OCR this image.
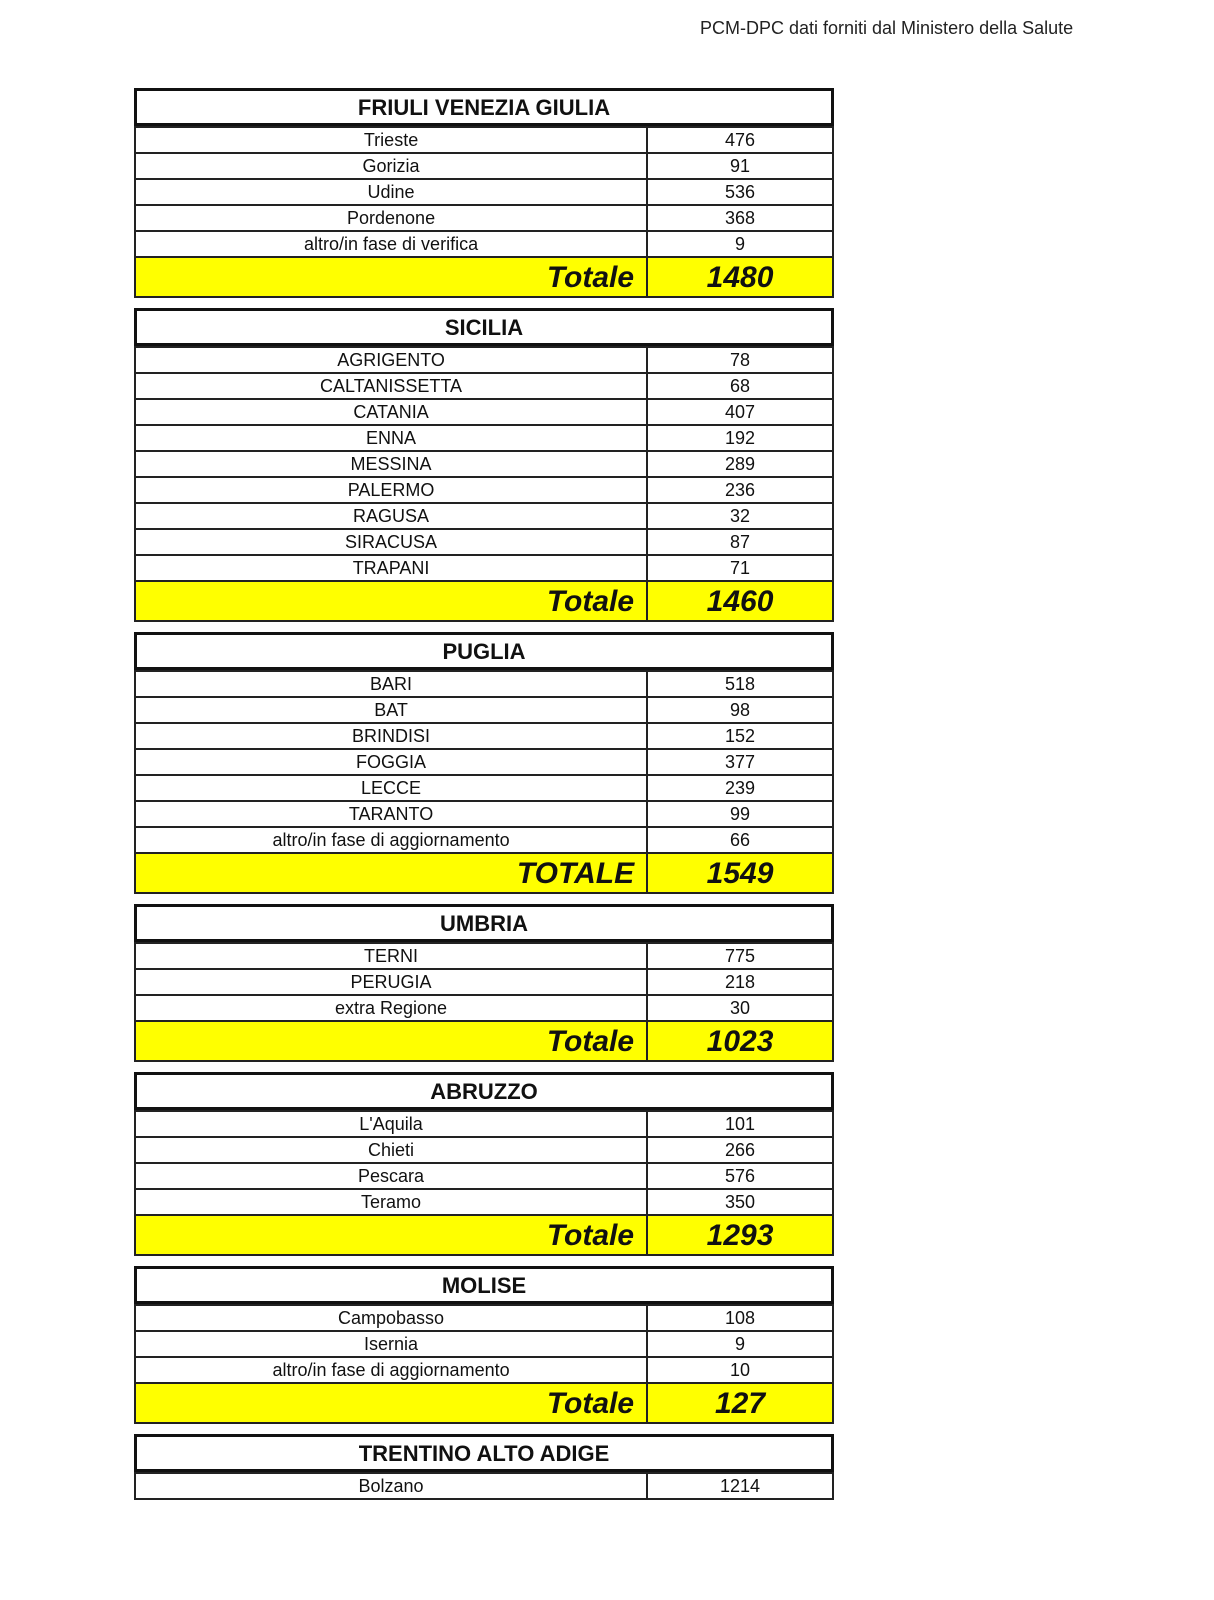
PCM-DPC dati forniti dal Ministero della Salute
FRIULI VENEZIA GIULIA
Trieste	476
Gorizia	91
Udine	536
Pordenone	368
altro/in fase di verifica	9
Totale	1480
SICILIA
AGRIGENTO	78
CALTANISSETTA	68
CATANIA	407
ENNA	192
MESSINA	289
PALERMO	236
RAGUSA	32
SIRACUSA	87
TRAPANI	71
Totale	1460
PUGLIA
BARI	518
BAT	98
BRINDISI	152
FOGGIA	377
LECCE	239
TARANTO	99
altro/in fase di aggiornamento	66
TOTALE	1549
UMBRIA
TERNI	775
PERUGIA	218
extra Regione	30
Totale	1023
ABRUZZO
L'Aquila	101
Chieti	266
Pescara	576
Teramo	350
Totale	1293
MOLISE
Campobasso	108
Isernia	9
altro/in fase di aggiornamento	10
Totale	127
TRENTINO ALTO ADIGE
Bolzano	1214
